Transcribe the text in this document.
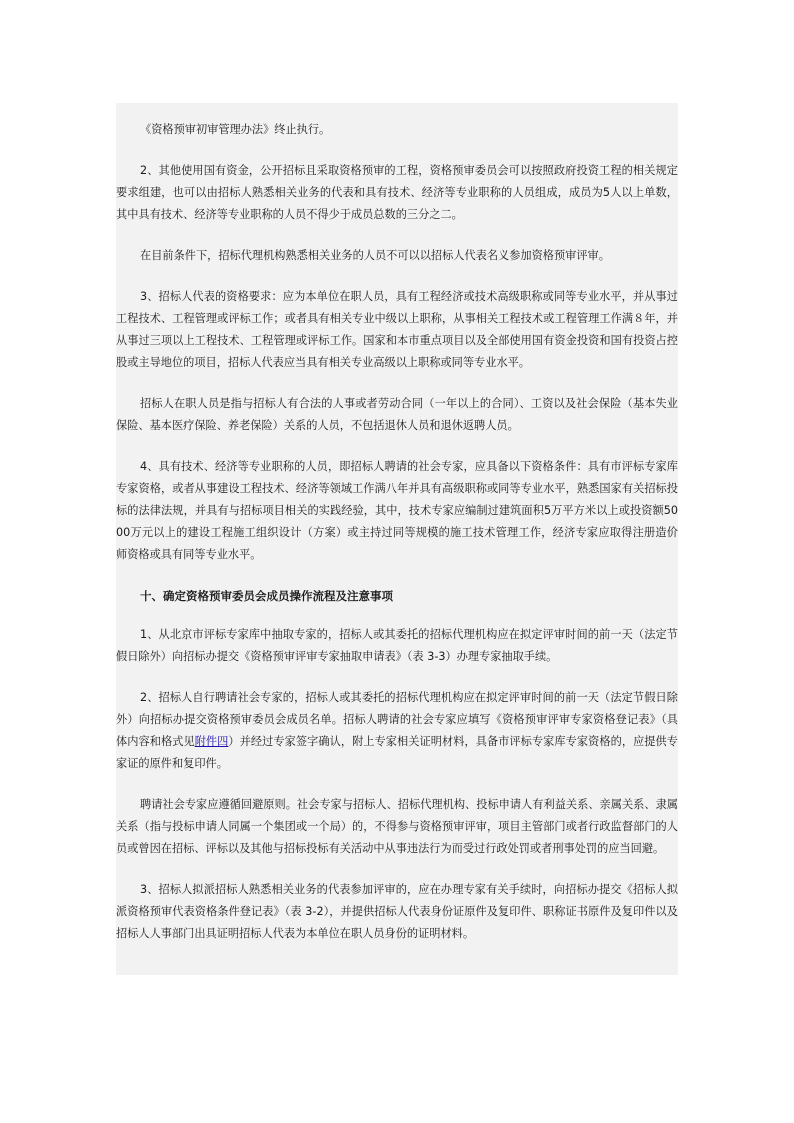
《资格预审初审管理办法》终止执行。

2、其他使用国有资金，公开招标且采取资格预审的工程，资格预审委员会可以按照政府投资工程的相关规定要求组建，也可以由招标人熟悉相关业务的代表和具有技术、经济等专业职称的人员组成，成员为5人以上单数，其中具有技术、经济等专业职称的人员不得少于成员总数的三分之二。

在目前条件下，招标代理机构熟悉相关业务的人员不可以以招标人代表名义参加资格预审评审。

3、招标人代表的资格要求：应为本单位在职人员，具有工程经济或技术高级职称或同等专业水平，并从事过工程技术、工程管理或评标工作；或者具有相关专业中级以上职称，从事相关工程技术或工程管理工作满８年，并从事过三项以上工程技术、工程管理或评标工作。国家和本市重点项目以及全部使用国有资金投资和国有投资占控股或主导地位的项目，招标人代表应当具有相关专业高级以上职称或同等专业水平。

招标人在职人员是指与招标人有合法的人事或者劳动合同（一年以上的合同）、工资以及社会保险（基本失业保险、基本医疗保险、养老保险）关系的人员，不包括退休人员和退休返聘人员。

4、具有技术、经济等专业职称的人员，即招标人聘请的社会专家，应具备以下资格条件：具有市评标专家库专家资格，或者从事建设工程技术、经济等领域工作满八年并具有高级职称或同等专业水平，熟悉国家有关招标投标的法律法规，并具有与招标项目相关的实践经验，其中，技术专家应编制过建筑面积5万平方米以上或投资额5000万元以上的建设工程施工组织设计（方案）或主持过同等规模的施工技术管理工作，经济专家应取得注册造价师资格或具有同等专业水平。

十、确定资格预审委员会成员操作流程及注意事项

1、从北京市评标专家库中抽取专家的，招标人或其委托的招标代理机构应在拟定评审时间的前一天（法定节假日除外）向招标办提交《资格预审评审专家抽取申请表》（表 3-3）办理专家抽取手续。

2、招标人自行聘请社会专家的，招标人或其委托的招标代理机构应在拟定评审时间的前一天（法定节假日除外）向招标办提交资格预审委员会成员名单。招标人聘请的社会专家应填写《资格预审评审专家资格登记表》（具体内容和格式见附件四）并经过专家签字确认，附上专家相关证明材料，具备市评标专家库专家资格的，应提供专家证的原件和复印件。

聘请社会专家应遵循回避原则。社会专家与招标人、招标代理机构、投标申请人有利益关系、亲属关系、隶属关系（指与投标申请人同属一个集团或一个局）的，不得参与资格预审评审，项目主管部门或者行政监督部门的人员或曾因在招标、评标以及其他与招标投标有关活动中从事违法行为而受过行政处罚或者刑事处罚的应当回避。

3、招标人拟派招标人熟悉相关业务的代表参加评审的，应在办理专家有关手续时，向招标办提交《招标人拟派资格预审代表资格条件登记表》（表 3-2），并提供招标人代表身份证原件及复印件、职称证书原件及复印件以及招标人人事部门出具证明招标人代表为本单位在职人员身份的证明材料。
